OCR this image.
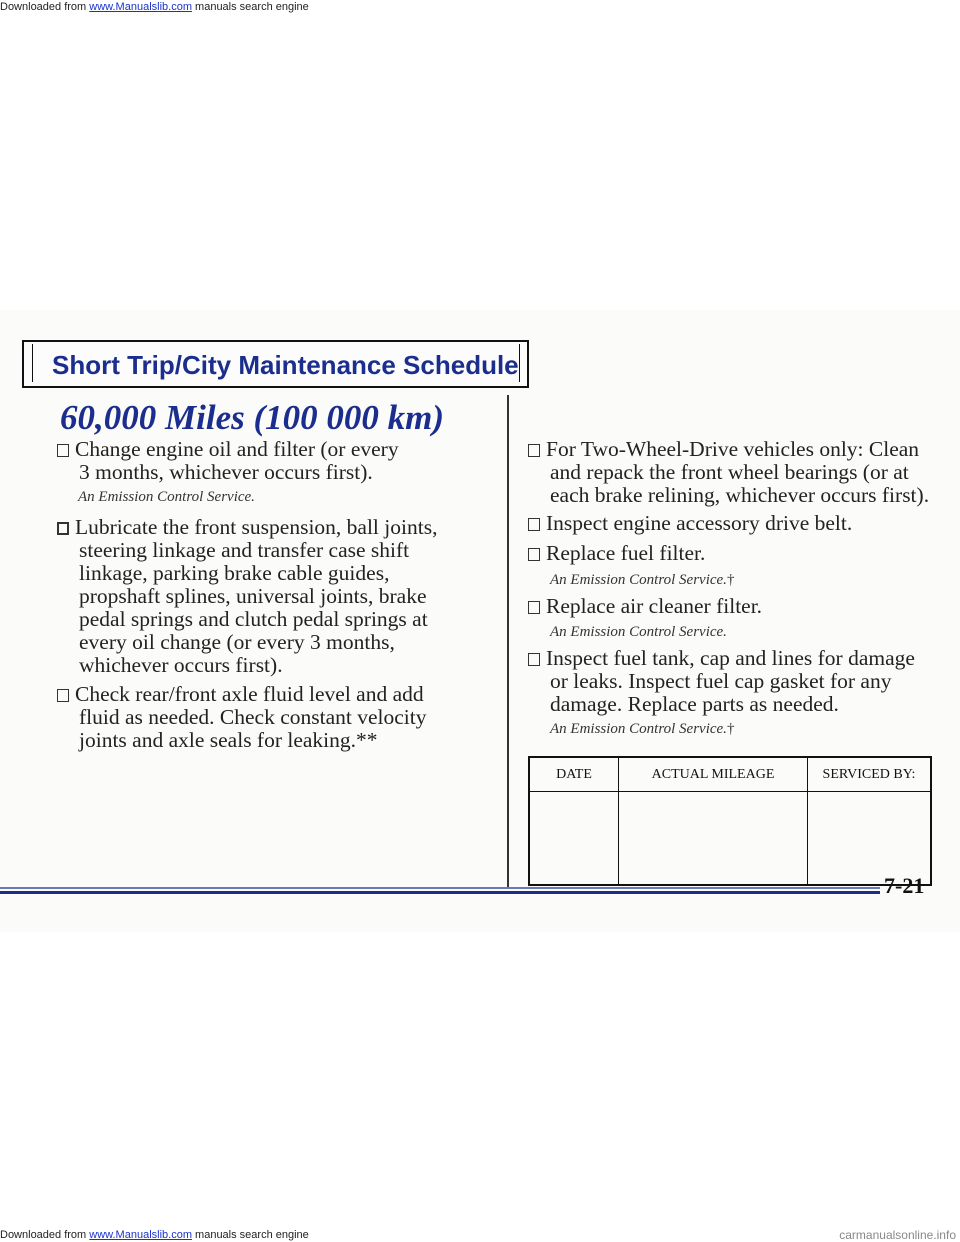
Downloaded from www.Manualslib.com manuals search engine
Short Trip/City Maintenance Schedule
60,000 Miles (100 000 km)
Change engine oil and filter (or every
3 months, whichever occurs first).
An Emission Control Service.
Lubricate the front suspension, ball joints,
steering linkage and transfer case shift
linkage, parking brake cable guides,
propshaft splines, universal joints, brake
pedal springs and clutch pedal springs at
every oil change (or every 3 months,
whichever occurs first).
Check rear/front axle fluid level and add
fluid as needed. Check constant velocity
joints and axle seals for leaking.**
For Two-Wheel-Drive vehicles only: Clean
and repack the front wheel bearings (or at
each brake relining, whichever occurs first).
Inspect engine accessory drive belt.
Replace fuel filter.
An Emission Control Service.†
Replace air cleaner filter.
An Emission Control Service.
Inspect fuel tank, cap and lines for damage
or leaks. Inspect fuel cap gasket for any
damage. Replace parts as needed.
An Emission Control Service.†
DATE	ACTUAL MILEAGE	SERVICED BY:

7-21
Downloaded from www.Manualslib.com manuals search engine	carmanualsonline.info
